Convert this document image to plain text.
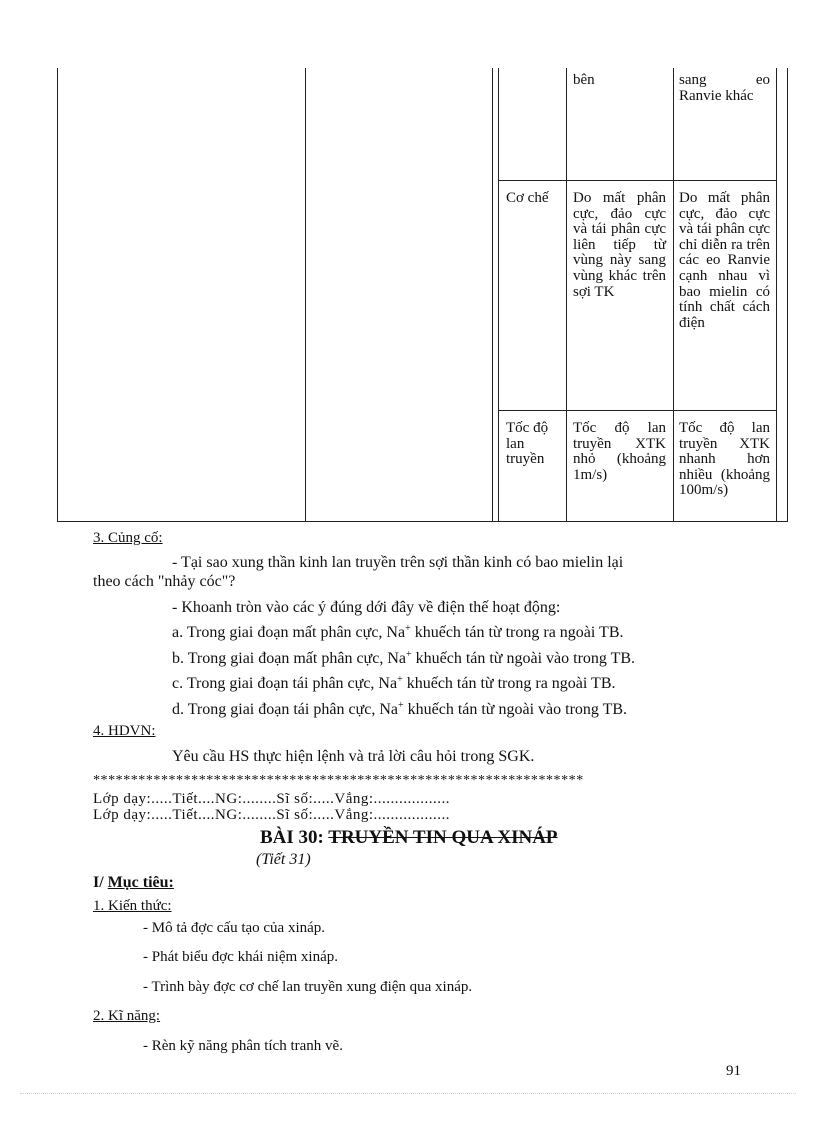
bên	sang eo Ranvie khác
Cơ chế	Do mất phân cực, đảo cực và tái phân cực liên tiếp từ vùng này sang vùng khác trên sợi TK
Do mất phân cực, đảo cực và tái phân cực chỉ diễn ra trên các eo Ranvie cạnh nhau vì bao mielin có tính chất cách điện
Tốc độ lan truyền
Tốc độ lan truyền XTK nhỏ (khoảng 1m/s)
Tốc độ lan truyền XTK nhanh hơn nhiều (khoảng 100m/s)
3. Củng cố:
- Tại sao xung thần kinh lan truyền trên sợi thần kinh có bao mielin lại
theo cách "nhảy cóc"?
- Khoanh tròn vào các ý đúng dới đây về điện thế hoạt động:
a. Trong giai đoạn mất phân cực, Na+ khuếch tán từ trong ra ngoài TB.
b. Trong giai đoạn mất phân cực, Na+ khuếch tán từ ngoài vào trong TB.
c. Trong giai đoạn tái phân cực, Na+ khuếch tán từ trong ra ngoài TB.
d. Trong giai đoạn tái phân cực, Na+ khuếch tán từ ngoài vào trong TB.
4. HDVN:
Yêu cầu HS thực hiện lệnh và trả lời câu hỏi trong SGK.
*****************************************************************
Lớp dạy:.....Tiết....NG:........Sĩ số:.....Vắng:..................
Lớp dạy:.....Tiết....NG:........Sĩ số:.....Vắng:..................
BÀI 30: TRUYỀN TIN QUA XINÁP
(Tiết 31)
I/ Mục tiêu:
1. Kiến thức:
- Mô tả đợc cấu tạo của xináp.
- Phát biểu đợc khái niệm xináp.
- Trình bày đợc cơ chế lan truyền xung điện qua xináp.
2. Kĩ năng:
- Rèn kỹ năng phân tích tranh vẽ.
91
